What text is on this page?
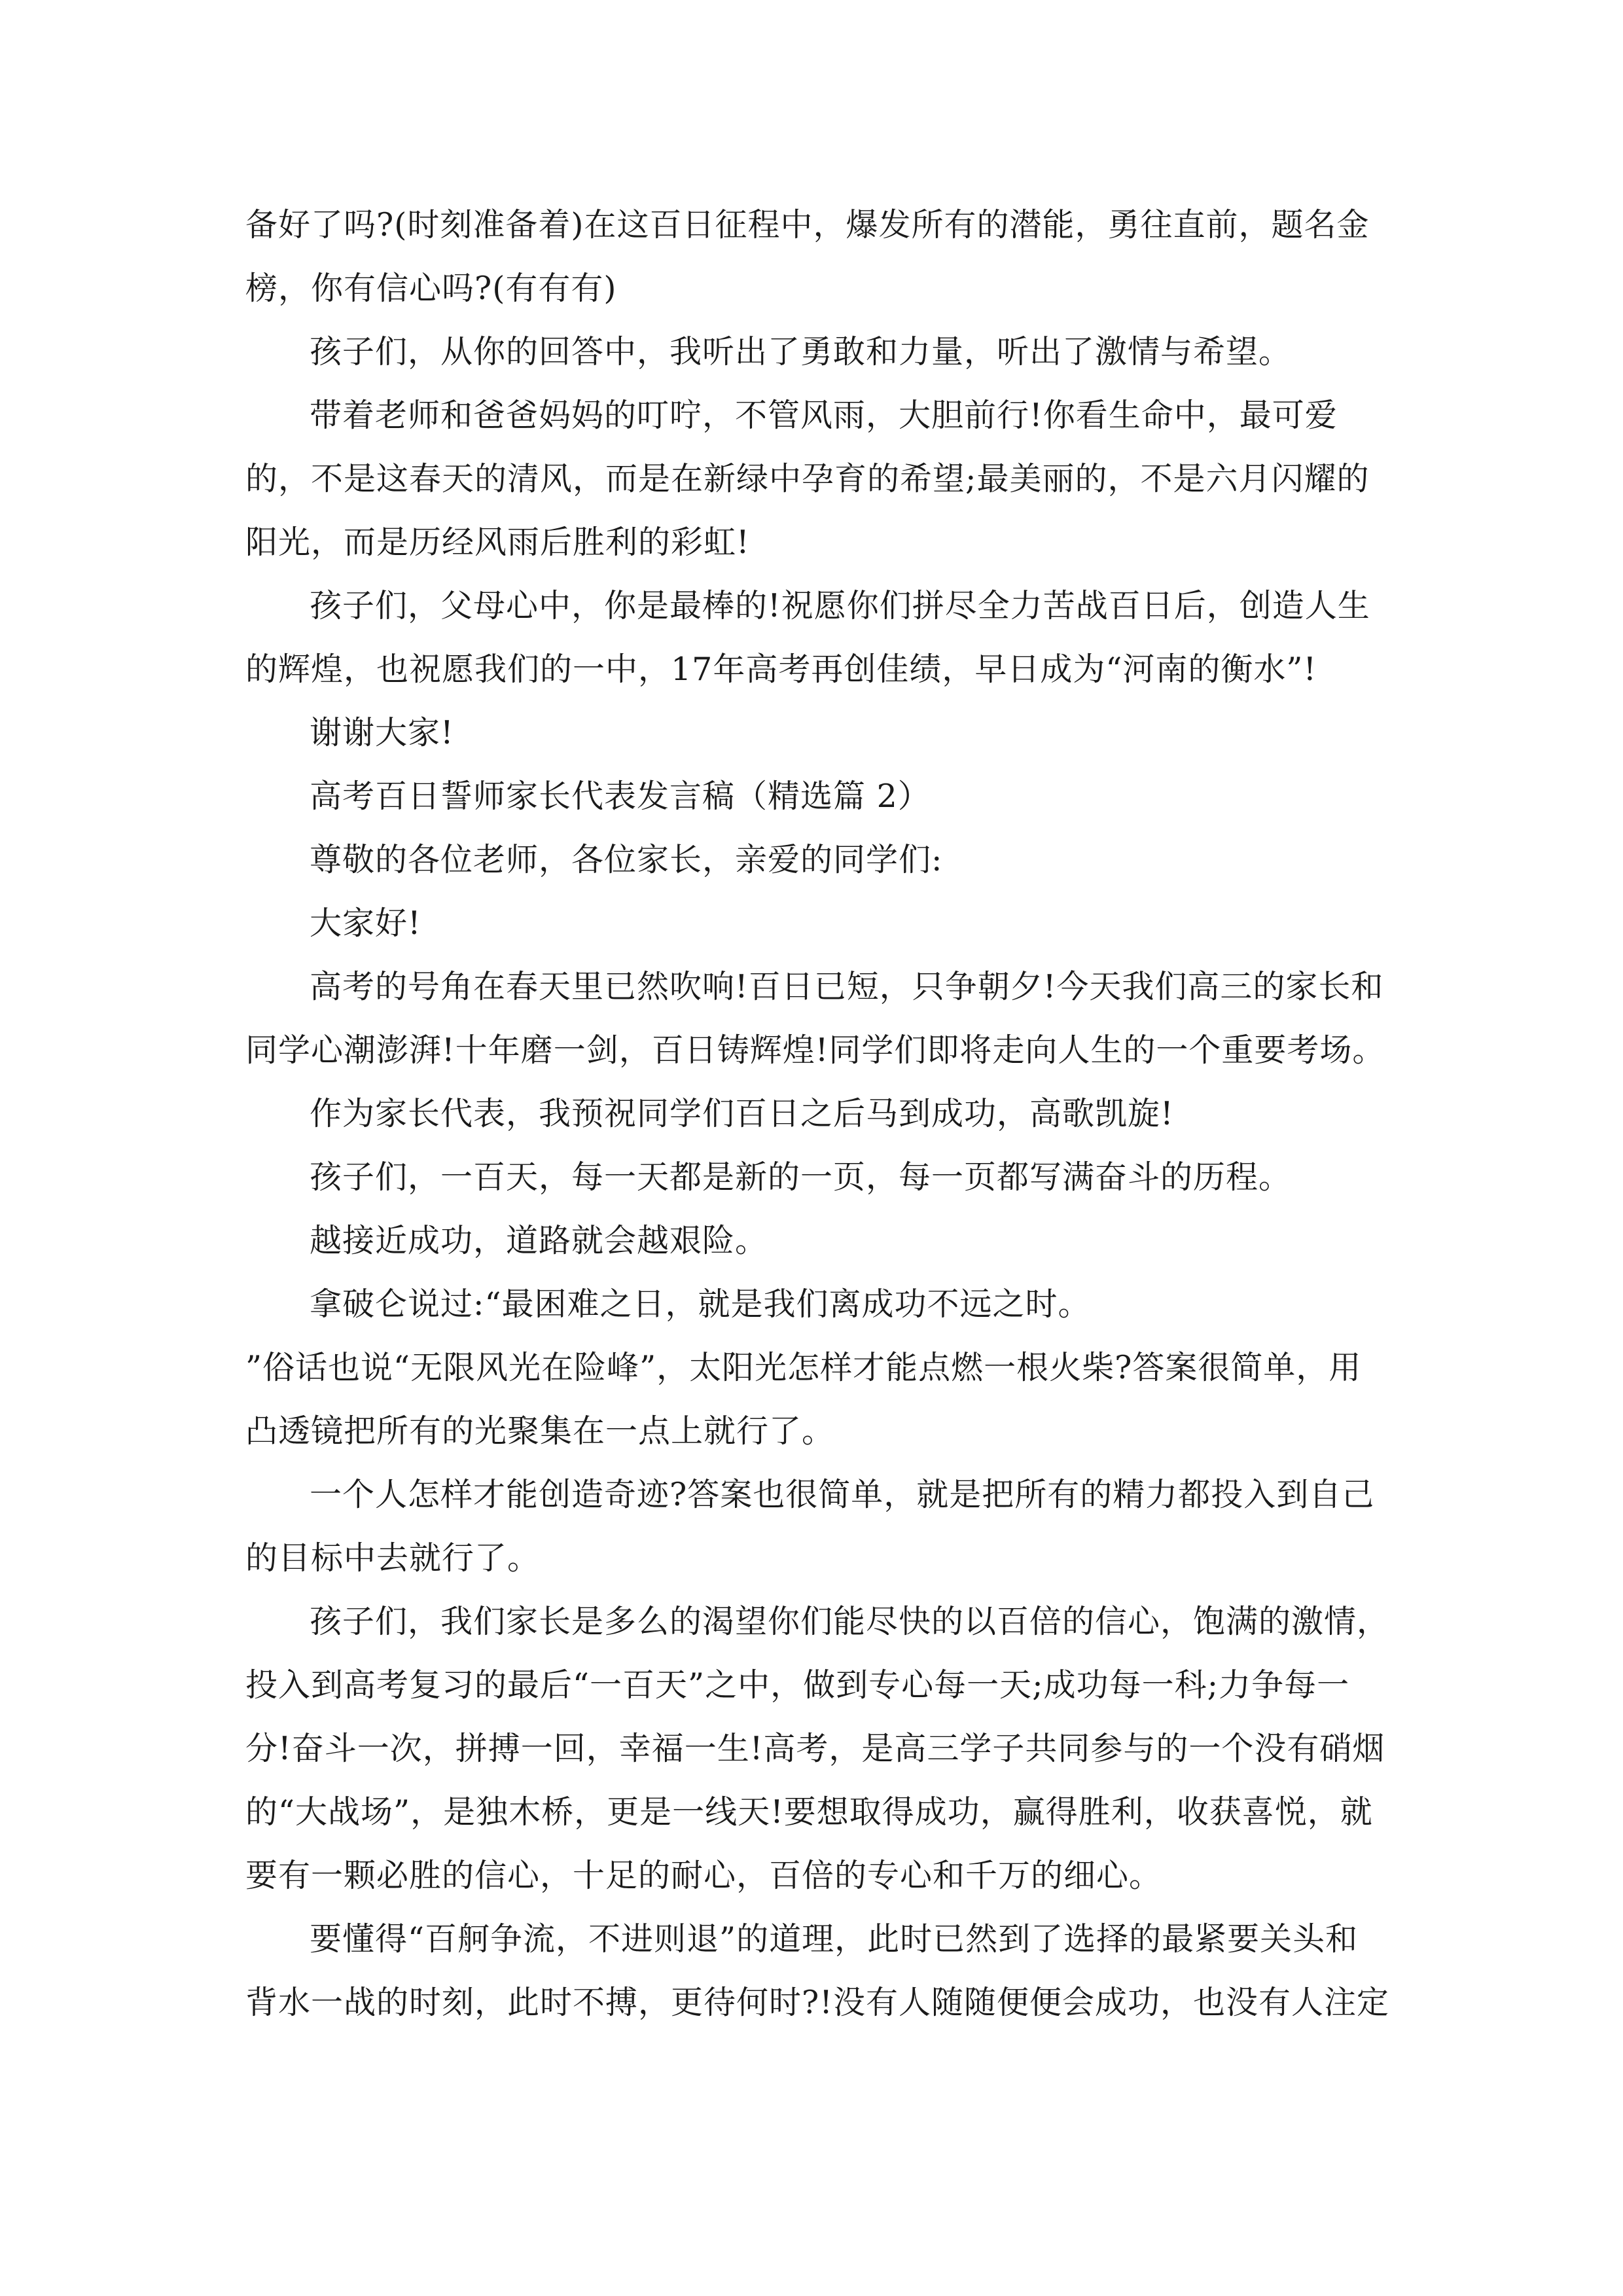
备好了吗?(时刻准备着)在这百日征程中，爆发所有的潜能，勇往直前，题名金榜，你有信心吗?(有有有)

孩子们，从你的回答中，我听出了勇敢和力量，听出了激情与希望。

带着老师和爸爸妈妈的叮咛，不管风雨，大胆前行!你看生命中，最可爱的，不是这春天的清风，而是在新绿中孕育的希望;最美丽的，不是六月闪耀的阳光，而是历经风雨后胜利的彩虹!

孩子们，父母心中，你是最棒的!祝愿你们拼尽全力苦战百日后，创造人生的辉煌，也祝愿我们的一中，17年高考再创佳绩，早日成为“河南的衡水”!

谢谢大家!

高考百日誓师家长代表发言稿（精选篇 2）

尊敬的各位老师，各位家长，亲爱的同学们:

大家好!

高考的号角在春天里已然吹响!百日已短，只争朝夕!今天我们高三的家长和同学心潮澎湃!十年磨一剑，百日铸辉煌!同学们即将走向人生的一个重要考场。

作为家长代表，我预祝同学们百日之后马到成功，高歌凯旋!

孩子们，一百天，每一天都是新的一页，每一页都写满奋斗的历程。

越接近成功，道路就会越艰险。

拿破仑说过:“最困难之日，就是我们离成功不远之时。

”俗话也说“无限风光在险峰”，太阳光怎样才能点燃一根火柴?答案很简单，用凸透镜把所有的光聚集在一点上就行了。

一个人怎样才能创造奇迹?答案也很简单，就是把所有的精力都投入到自己的目标中去就行了。

孩子们，我们家长是多么的渴望你们能尽快的以百倍的信心，饱满的激情，投入到高考复习的最后“一百天”之中，做到专心每一天;成功每一科;力争每一分!奋斗一次，拼搏一回，幸福一生!高考，是高三学子共同参与的一个没有硝烟的“大战场”，是独木桥，更是一线天!要想取得成功，赢得胜利，收获喜悦，就要有一颗必胜的信心，十足的耐心，百倍的专心和千万的细心。

要懂得“百舸争流，不进则退”的道理，此时已然到了选择的最紧要关头和背水一战的时刻，此时不搏，更待何时?!没有人随随便便会成功，也没有人注定
